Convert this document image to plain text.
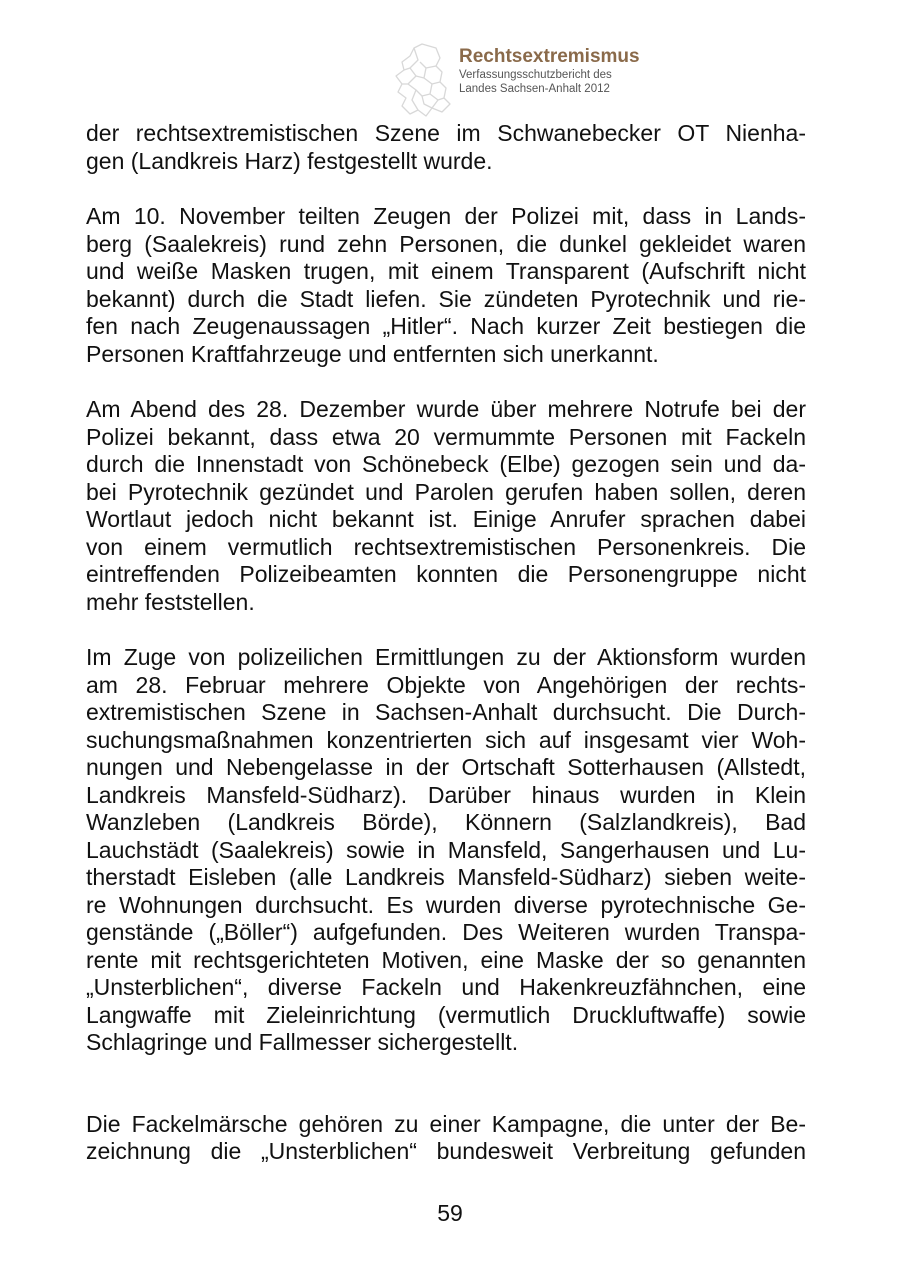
Rechtsextremismus
Verfassungsschutzbericht des
Landes Sachsen-Anhalt 2012

der rechtsextremistischen Szene im Schwanebecker OT Nienha-
gen (Landkreis Harz) festgestellt wurde.

Am 10. November teilten Zeugen der Polizei mit, dass in Lands-
berg (Saalekreis) rund zehn Personen, die dunkel gekleidet waren
und weiße Masken trugen, mit einem Transparent (Aufschrift nicht
bekannt) durch die Stadt liefen. Sie zündeten Pyrotechnik und rie-
fen nach Zeugenaussagen „Hitler“. Nach kurzer Zeit bestiegen die
Personen Kraftfahrzeuge und entfernten sich unerkannt.

Am Abend des 28. Dezember wurde über mehrere Notrufe bei der
Polizei bekannt, dass etwa 20 vermummte Personen mit Fackeln
durch die Innenstadt von Schönebeck (Elbe) gezogen sein und da-
bei Pyrotechnik gezündet und Parolen gerufen haben sollen, deren
Wortlaut jedoch nicht bekannt ist. Einige Anrufer sprachen dabei
von einem vermutlich rechtsextremistischen Personenkreis. Die
eintreffenden Polizeibeamten konnten die Personengruppe nicht
mehr feststellen.

Im Zuge von polizeilichen Ermittlungen zu der Aktionsform wurden
am 28. Februar mehrere Objekte von Angehörigen der rechts-
extremistischen Szene in Sachsen-Anhalt durchsucht. Die Durch-
suchungsmaßnahmen konzentrierten sich auf insgesamt vier Woh-
nungen und Nebengelasse in der Ortschaft Sotterhausen (Allstedt,
Landkreis Mansfeld-Südharz). Darüber hinaus wurden in Klein
Wanzleben (Landkreis Börde), Könnern (Salzlandkreis), Bad
Lauchstädt (Saalekreis) sowie in Mansfeld, Sangerhausen und Lu-
therstadt Eisleben (alle Landkreis Mansfeld-Südharz) sieben weite-
re Wohnungen durchsucht. Es wurden diverse pyrotechnische Ge-
genstände („Böller“) aufgefunden. Des Weiteren wurden Transpa-
rente mit rechtsgerichteten Motiven, eine Maske der so genannten
„Unsterblichen“, diverse Fackeln und Hakenkreuzfähnchen, eine
Langwaffe mit Zieleinrichtung (vermutlich Druckluftwaffe) sowie
Schlagringe und Fallmesser sichergestellt.

Die Fackelmärsche gehören zu einer Kampagne, die unter der Be-
zeichnung die „Unsterblichen“ bundesweit Verbreitung gefunden

59
